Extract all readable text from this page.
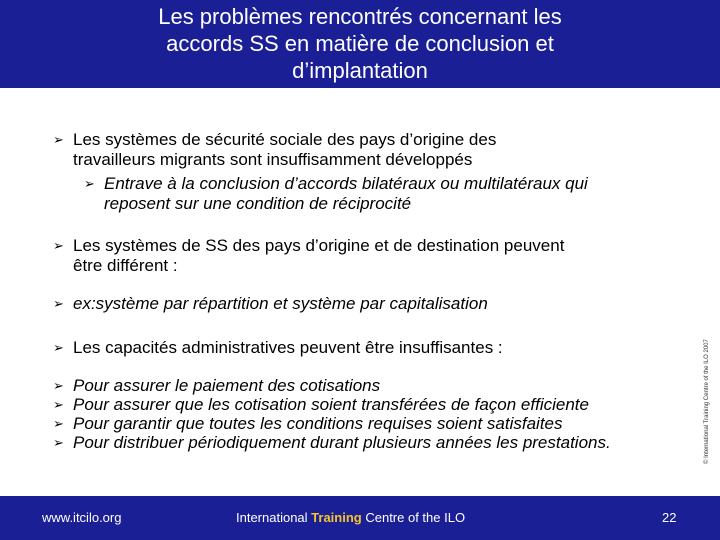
Les problèmes rencontrés concernant les
accords SS en matière de conclusion et
d’implantation
➢ Les systèmes de sécurité sociale des pays d’origine des
travailleurs migrants sont insuffisamment développés
➢ Entrave à la conclusion d’accords bilatéraux ou multilatéraux qui
reposent sur une condition de réciprocité
➢ Les systèmes de SS des pays d’origine et de destination peuvent
être différent :
➢ ex:système par répartition et système par capitalisation
➢ Les capacités administratives peuvent être insuffisantes :
➢ Pour assurer le paiement des cotisations
➢ Pour assurer que les cotisation soient transférées de façon efficiente
➢ Pour garantir que toutes les conditions requises soient satisfaites
➢ Pour distribuer périodiquement durant plusieurs années les prestations.	© International Training Centre of the ILO 2007
www.itcilo.org	International Training Centre of the ILO	22
